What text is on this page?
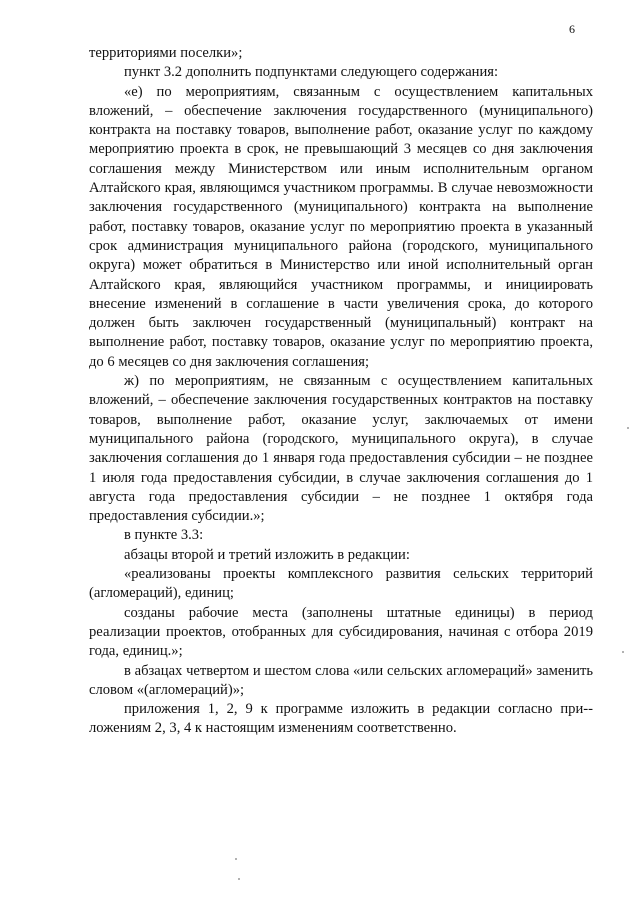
6

территориями поселки»;

пункт 3.2 дополнить подпунктами следующего содержания:

«е) по мероприятиям, связанным с осуществлением капитальных вложений, – обеспечение заключения государственного (муниципального) контракта на поставку товаров, выполнение работ, оказание услуг по каждому мероприятию проекта в срок, не превышающий 3 месяцев со дня заключения соглашения между Министерством или иным исполнительным органом Алтайского края, являющимся участником программы. В случае невозможности заключения государственного (муниципального) контракта на выполнение работ, поставку товаров, оказание услуг по мероприятию проекта в указанный срок администрация муниципального района (городского, муниципального округа) может обратиться в Министерство или иной исполнительный орган Алтайского края, являющийся участником программы, и инициировать внесение изменений в соглашение в части увеличения срока, до которого должен быть заключен государственный (муниципальный) контракт на выполнение работ, поставку товаров, оказание услуг по мероприятию проекта, до 6 месяцев со дня заключения соглашения;

ж) по мероприятиям, не связанным с осуществлением капитальных вложений, – обеспечение заключения государственных контрактов на поставку товаров, выполнение работ, оказание услуг, заключаемых от имени муниципального района (городского, муниципального округа), в случае заключения соглашения до 1 января года предоставления субсидии – не позднее 1 июля года предоставления субсидии, в случае заключения соглашения до 1 августа года предоставления субсидии – не позднее 1 октября года предоставления субсидии.»;

в пункте 3.3:

абзацы второй и третий изложить в редакции:

«реализованы проекты комплексного развития сельских территорий (агломераций), единиц;

созданы рабочие места (заполнены штатные единицы) в период реализации проектов, отобранных для субсидирования, начиная с отбора 2019 года, единиц.»;

в абзацах четвертом и шестом слова «или сельских агломераций» заменить словом «(агломераций)»;

приложения 1, 2, 9 к программе изложить в редакции согласно при-ложениям 2, 3, 4 к настоящим изменениям соответственно.
